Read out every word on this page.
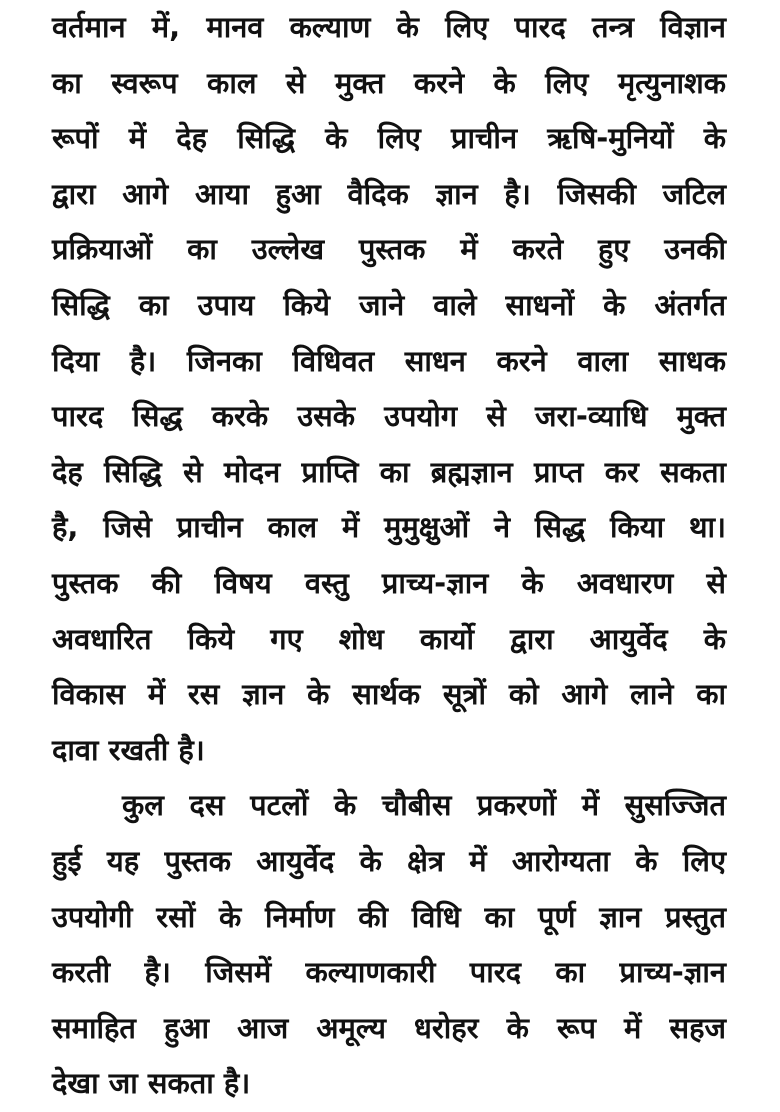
वर्तमान में, मानव कल्याण के लिए पारद तन्त्र विज्ञान
का स्वरूप काल से मुक्त करने के लिए मृत्युनाशक
रूपों में देह सिद्धि के लिए प्राचीन ऋषि-मुनियों के
द्वारा आगे आया हुआ वैदिक ज्ञान है। जिसकी जटिल
प्रक्रियाओं का उल्लेख पुस्तक में करते हुए उनकी
सिद्धि का उपाय किये जाने वाले साधनों के अंतर्गत
दिया है। जिनका विधिवत साधन करने वाला साधक
पारद सिद्ध करके उसके उपयोग से जरा-व्याधि मुक्त
देह सिद्धि से मोदन प्राप्ति का ब्रह्मज्ञान प्राप्त कर सकता
है, जिसे प्राचीन काल में मुमुक्षुओं ने सिद्ध किया था।
पुस्तक की विषय वस्तु प्राच्य-ज्ञान के अवधारण से
अवधारित किये गए शोध कार्यो द्वारा आयुर्वेद के
विकास में रस ज्ञान के सार्थक सूत्रों को आगे लाने का
दावा रखती है।
कुल दस पटलों के चौबीस प्रकरणों में सुसज्जित
हुई यह पुस्तक आयुर्वेद के क्षेत्र में आरोग्यता के लिए
उपयोगी रसों के निर्माण की विधि का पूर्ण ज्ञान प्रस्तुत
करती है। जिसमें कल्याणकारी पारद का प्राच्य-ज्ञान
समाहित हुआ आज अमूल्य धरोहर के रूप में सहज
देखा जा सकता है।
